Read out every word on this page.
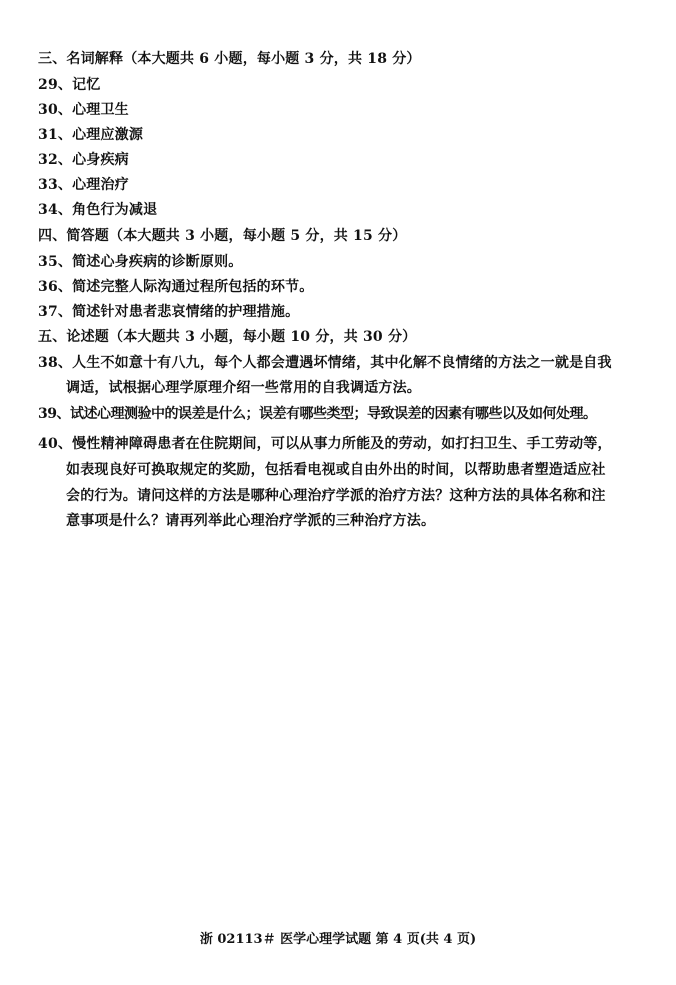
三、名词解释（本大题共 6 小题，每小题 3 分，共 18 分）
29、记忆
30、心理卫生
31、心理应激源
32、心身疾病
33、心理治疗
34、角色行为减退
四、简答题（本大题共 3 小题，每小题 5 分，共 15 分）
35、简述心身疾病的诊断原则。
36、简述完整人际沟通过程所包括的环节。
37、简述针对患者悲哀情绪的护理措施。
五、论述题（本大题共 3 小题，每小题 10 分，共 30 分）
38、人生不如意十有八九，每个人都会遭遇坏情绪，其中化解不良情绪的方法之一就是自我
调适，试根据心理学原理介绍一些常用的自我调适方法。
39、试述心理测验中的误差是什么；误差有哪些类型；导致误差的因素有哪些以及如何处理。
40、慢性精神障碍患者在住院期间，可以从事力所能及的劳动，如打扫卫生、手工劳动等，
如表现良好可换取规定的奖励，包括看电视或自由外出的时间，以帮助患者塑造适应社
会的行为。请问这样的方法是哪种心理治疗学派的治疗方法？这种方法的具体名称和注
意事项是什么？请再列举此心理治疗学派的三种治疗方法。
浙 02113＃ 医学心理学试题 第 4 页(共 4 页)
